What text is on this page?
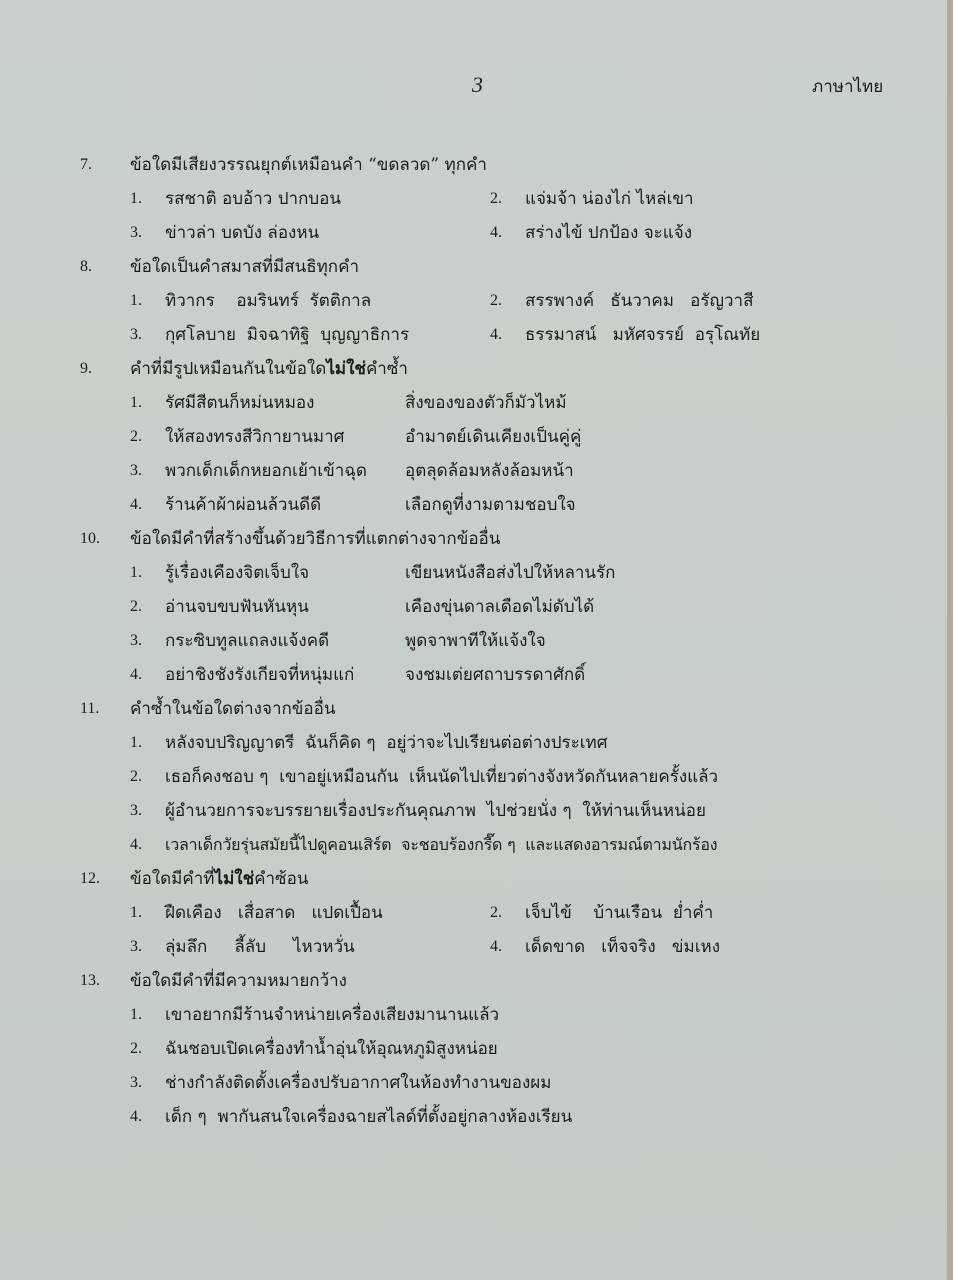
3	ภาษาไทย
7.	ข้อใดมีเสียงวรรณยุกต์เหมือนคำ “ขดลวด” ทุกคำ
1.	รสชาติ อบอ้าว ปากบอน	2.	แจ่มจ้า น่องไก่ ไหล่เขา
3.	ข่าวล่า บดบัง ล่องหน	4.	สร่างไข้ ปกป้อง จะแจ้ง
8.	ข้อใดเป็นคำสมาสที่มีสนธิทุกคำ
1.	ทิวากร    อมรินทร์  รัตติกาล	2.	สรรพางค์   ธันวาคม   อรัญวาสี
3.	กุศโลบาย  มิจฉาทิฐิ  บุญญาธิการ	4.	ธรรมาสน์   มหัศจรรย์  อรุโณทัย
9.	คำที่มีรูปเหมือนกันในข้อใดไม่ใช่คำซ้ำ
1.	รัศมีสีตนก็หม่นหมอง	สิ่งของของตัวก็มัวไหม้
2.	ให้สองทรงสีวิกายานมาศ	อำมาตย์เดินเคียงเป็นคู่คู่
3.	พวกเด็กเด็กหยอกเย้าเข้าฉุด	อุตลุดล้อมหลังล้อมหน้า
4.	ร้านค้าผ้าผ่อนล้วนดีดี	เลือกดูที่งามตามชอบใจ
10.	ข้อใดมีคำที่สร้างขึ้นด้วยวิธีการที่แตกต่างจากข้ออื่น
1.	รู้เรื่องเคืองจิตเจ็บใจ	เขียนหนังสือส่งไปให้หลานรัก
2.	อ่านจบขบฟันหันหุน	เคืองขุ่นดาลเดือดไม่ดับได้
3.	กระซิบทูลแถลงแจ้งคดี	พูดจาพาทีให้แจ้งใจ
4.	อย่าชิงชังรังเกียจที่หนุ่มแก่	จงชมเต่ยศถาบรรดาศักดิ์
11.	คำซ้ำในข้อใดต่างจากข้ออื่น
1.	หลังจบปริญญาตรี  ฉันก็คิด ๆ  อยู่ว่าจะไปเรียนต่อต่างประเทศ
2.	เธอก็คงชอบ ๆ  เขาอยู่เหมือนกัน  เห็นนัดไปเที่ยวต่างจังหวัดกันหลายครั้งแล้ว
3.	ผู้อำนวยการจะบรรยายเรื่องประกันคุณภาพ  ไปช่วยนั่ง ๆ  ให้ท่านเห็นหน่อย
4.	เวลาเด็กวัยรุ่นสมัยนี้ไปดูคอนเสิร์ต  จะชอบร้องกรี๊ด ๆ  และแสดงอารมณ์ตามนักร้อง
12.	ข้อใดมีคำที่ไม่ใช่คำซ้อน
1.	ฝืดเคือง   เสื่อสาด   แปดเปื้อน	2.	เจ็บไข้    บ้านเรือน  ย่ำค่ำ
3.	ลุ่มลึก     ลี้ลับ     ไหวหวั่น	4.	เด็ดขาด   เท็จจริง   ข่มเหง
13.	ข้อใดมีคำที่มีความหมายกว้าง
1.	เขาอยากมีร้านจำหน่ายเครื่องเสียงมานานแล้ว
2.	ฉันชอบเปิดเครื่องทำน้ำอุ่นให้อุณหภูมิสูงหน่อย
3.	ช่างกำลังติดตั้งเครื่องปรับอากาศในห้องทำงานของผม
4.	เด็ก ๆ  พากันสนใจเครื่องฉายสไลด์ที่ตั้งอยู่กลางห้องเรียน
